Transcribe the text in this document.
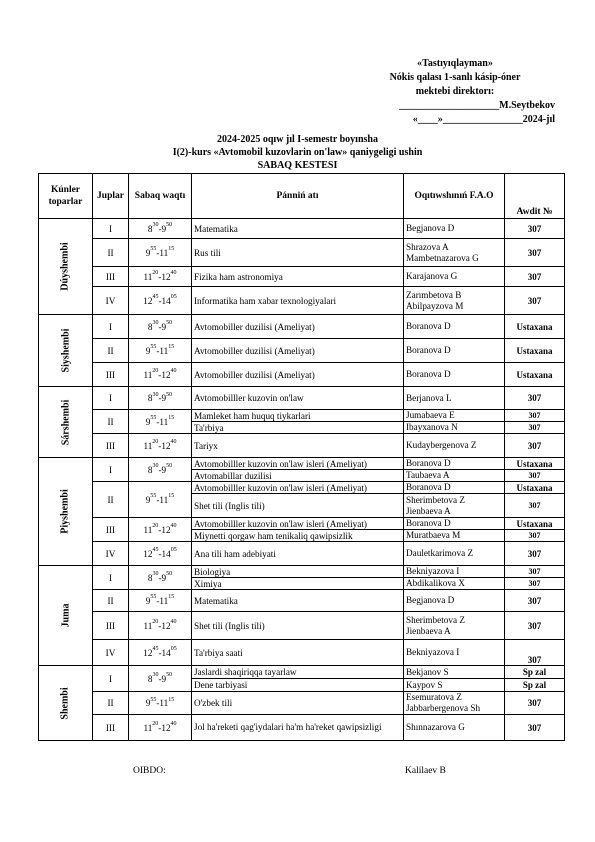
«Tastıyıqlayman»
Nókis qalası 1-sanlı kásip-óner
mektebi direktorı:
____________________M.Seytbekov
«____»________________2024-jıl
2024-2025 oqıw jıl I-semestr boyınsha
I(2)-kurs «Avtomobil kuzovlarin on'law» qaniygeligi ushin
SABAQ KESTESI
Kúnler toparlar	Juplar	Sabaq waqtı	Pánniń atı	Oqıtıwshınıń F.A.O	Awdit №
Dúyshembi	I	$8^{30}-9^{50}$	Matematika	Begjanova D	307
	II	$9^{55}-11^{15}$	Rus tili	Shrazova A
Mambetnazarova G	307
	III	$11^{20}-12^{40}$	Fizika ham astronomiya	Karajanova G	307
	IV	$12^{45}-14^{05}$	Informatika ham xabar texnologiyalari	Zarımbetova B
Abilpayzova M	307
Siyshembi	I	$8^{30}-9^{50}$	Avtomobiller duzilisi (Ameliyat)	Boranova D	Ustaxana
	II	$9^{55}-11^{15}$	Avtomobiller duzilisi (Ameliyat)	Boranova D	Ustaxana
	III	$11^{20}-12^{40}$	Avtomobiller duzilisi (Ameliyat)	Boranova D	Ustaxana
Sárshembi	I	$8^{30}-9^{50}$	Avtomobilller kuzovin on'law	Berjanova L	307
	II	$9^{55}-11^{15}$	Mamleket ham huquq tiykarlari	Jumabaeva E	307
			Ta'rbiya	Ibayxanova N	307
	III	$11^{20}-12^{40}$	Tariyx	Kudaybergenova Z	307
Piyshembi	I	$8^{30}-9^{50}$	Avtomobilller kuzovin on'law isleri (Ameliyat)	Boranova D	Ustaxana
			Avtomabillar duzilisi	Taubaeva A	307
	II	$9^{55}-11^{15}$	Avtomobilller kuzovin on'law isleri (Ameliyat)	Boranova D	Ustaxana
			Shet tili (Inglis tili)	Sherimbetova Z
Jienbaeva A	307
	III	$11^{20}-12^{40}$	Avtomobilller kuzovin on'law isleri (Ameliyat)	Boranova D	Ustaxana
			Miynetti qorgaw ham tenikaliq qawipsizlik	Muratbaeva M	307
	IV	$12^{45}-14^{05}$	Ana tili ham adebiyati	Dauletkarimova Z	307
Juma	I	$8^{30}-9^{50}$	Biologiya	Bekniyazova I	307
			Ximiya	Abdikalikova X	307
	II	$9^{55}-11^{15}$	Matematika	Begjanova D	307
	III	$11^{20}-12^{40}$	Shet tili (Inglis tili)	Sherimbetova Z
Jienbaeva A	307
	IV	$12^{45}-14^{05}$	Ta'rbiya saati	Bekniyazova I	307
Shembi	I	$8^{30}-9^{50}$	Jaslardi shaqiriqqa tayarlaw	Bekjanov S	Sp zal
			Dene tarbiyasi	Kaypov S	Sp zal
	II	$9^{55}-11^{15}$	O'zbek tili	Esemuratova Z
Jabbarbergenova Sh	307
	III	$11^{20}-12^{40}$	Jol ha'reketi qag'iydalari ha'm ha'reket qawipsizligi	Shınnazarova G	307
OIBDO:	Kalilaev B
